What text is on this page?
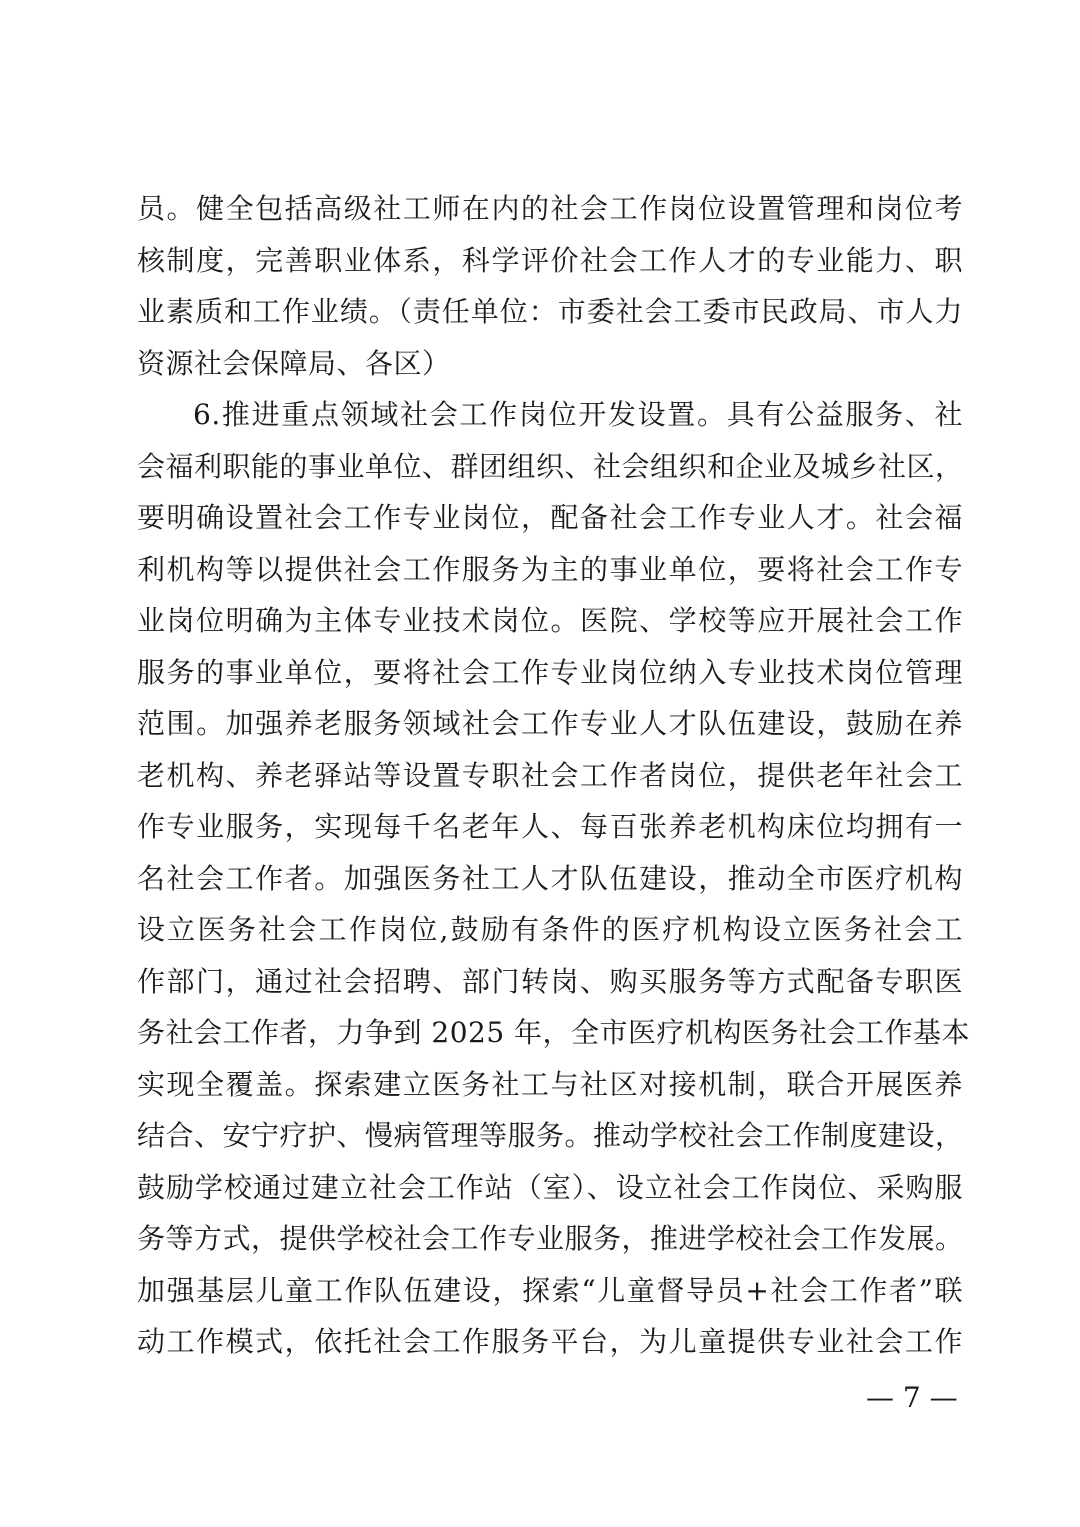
员。健全包括高级社工师在内的社会工作岗位设置管理和岗位考
核制度，完善职业体系，科学评价社会工作人才的专业能力、职
业素质和工作业绩。（责任单位：市委社会工委市民政局、市人力
资源社会保障局、各区）
6.推进重点领域社会工作岗位开发设置。具有公益服务、社
会福利职能的事业单位、群团组织、社会组织和企业及城乡社区，
要明确设置社会工作专业岗位，配备社会工作专业人才。社会福
利机构等以提供社会工作服务为主的事业单位，要将社会工作专
业岗位明确为主体专业技术岗位。医院、学校等应开展社会工作
服务的事业单位，要将社会工作专业岗位纳入专业技术岗位管理
范围。加强养老服务领域社会工作专业人才队伍建设，鼓励在养
老机构、养老驿站等设置专职社会工作者岗位，提供老年社会工
作专业服务，实现每千名老年人、每百张养老机构床位均拥有一
名社会工作者。加强医务社工人才队伍建设，推动全市医疗机构
设立医务社会工作岗位,鼓励有条件的医疗机构设立医务社会工
作部门，通过社会招聘、部门转岗、购买服务等方式配备专职医
务社会工作者，力争到 2025 年，全市医疗机构医务社会工作基本
实现全覆盖。探索建立医务社工与社区对接机制，联合开展医养
结合、安宁疗护、慢病管理等服务。推动学校社会工作制度建设，
鼓励学校通过建立社会工作站（室）、设立社会工作岗位、采购服
务等方式，提供学校社会工作专业服务，推进学校社会工作发展。
加强基层儿童工作队伍建设，探索“儿童督导员+社会工作者”联
动工作模式，依托社会工作服务平台，为儿童提供专业社会工作
— 7 —
